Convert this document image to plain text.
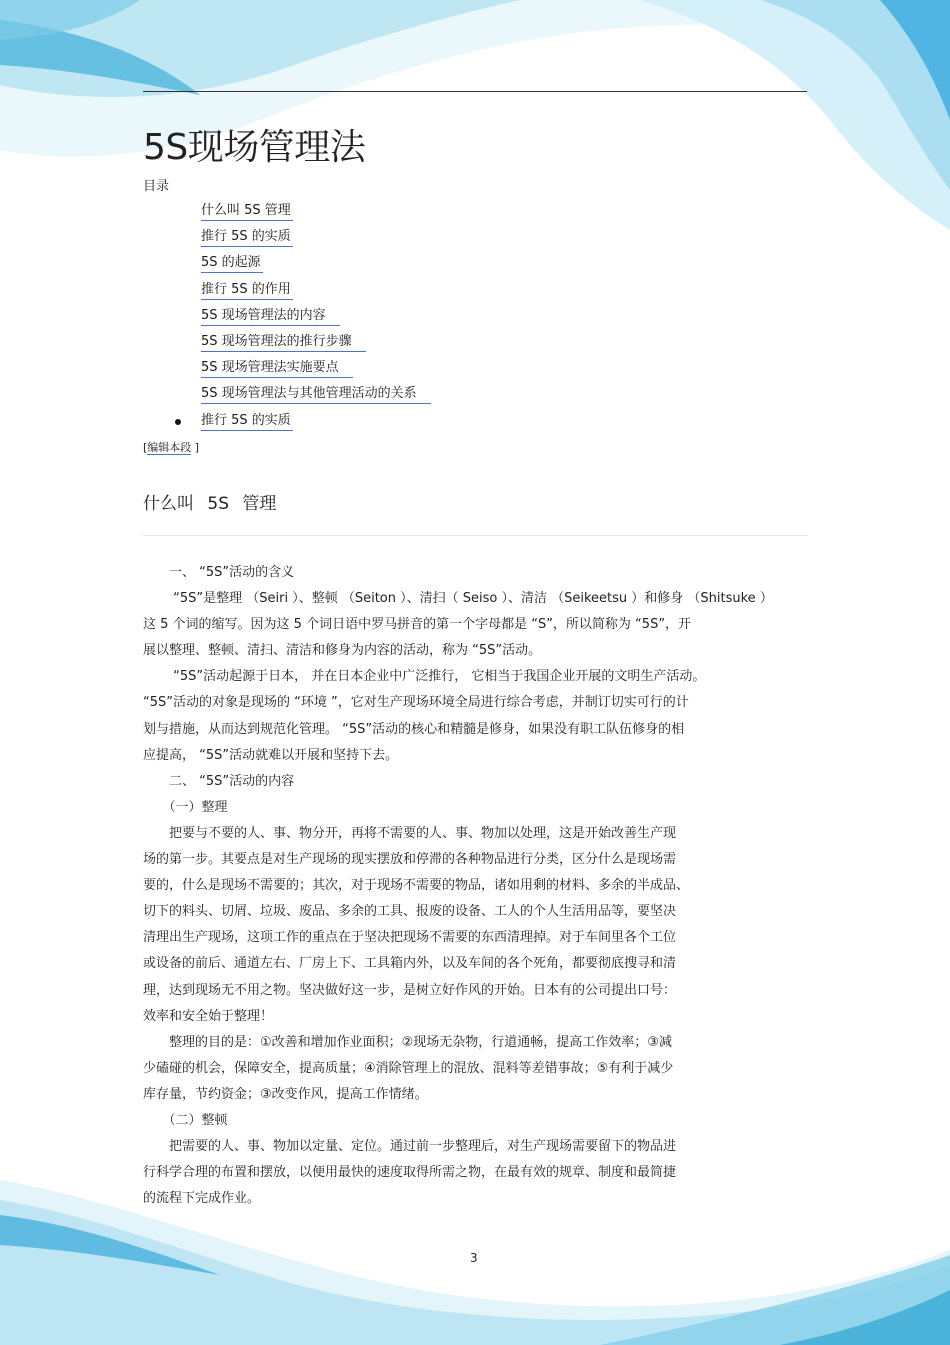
5S现场管理法
目录
什么叫 5S 管理
推行 5S 的实质
5S 的起源
推行 5S 的作用
5S 现场管理法的内容
5S 现场管理法的推行步骤
5S 现场管理法实施要点
5S 现场管理法与其他管理活动的关系
推行 5S 的实质
[编辑本段 ]
什么叫 5S 管理

　　一、 “5S”活动的含义

　　 “5S”是整理 （Seiri ）、整顿 （Seiton ）、清扫（ Seiso ）、清洁 （Seikeetsu ）和修身 （Shitsuke ）

这 5 个词的缩写。因为这 5 个词日语中罗马拼音的第一个字母都是 “S”，所以简称为 “5S”，开

展以整理、整顿、清扫、清洁和修身为内容的活动，称为 “5S”活动。

　　 “5S”活动起源于日本， 并在日本企业中广泛推行， 它相当于我国企业开展的文明生产活动。

“5S”活动的对象是现场的 “环境 ”，它对生产现场环境全局进行综合考虑，并制订切实可行的计

划与措施，从而达到规范化管理。 “5S”活动的核心和精髓是修身，如果没有职工队伍修身的相

应提高， “5S”活动就难以开展和坚持下去。

　　二、 “5S”活动的内容

　　（一）整理

　　把要与不要的人、事、物分开，再将不需要的人、事、物加以处理，这是开始改善生产现

场的第一步。其要点是对生产现场的现实摆放和停滞的各种物品进行分类，区分什么是现场需

要的，什么是现场不需要的；其次，对于现场不需要的物品，诸如用剩的材料、多余的半成品、

切下的料头、切屑、垃圾、废品、多余的工具、报废的设备、工人的个人生活用品等，要坚决

清理出生产现场，这项工作的重点在于坚决把现场不需要的东西清理掉。对于车间里各个工位

或设备的前后、通道左右、厂房上下、工具箱内外，以及车间的各个死角，都要彻底搜寻和清

理，达到现场无不用之物。坚决做好这一步，是树立好作风的开始。日本有的公司提出口号：

效率和安全始于整理！

　　整理的目的是：①改善和增加作业面积；②现场无杂物，行道通畅，提高工作效率；③减

少磕碰的机会，保障安全，提高质量；④消除管理上的混放、混料等差错事故；⑤有利于减少

库存量，节约资金；③改变作风，提高工作情绪。

　　（二）整顿

　　把需要的人、事、物加以定量、定位。通过前一步整理后，对生产现场需要留下的物品进

行科学合理的布置和摆放，以便用最快的速度取得所需之物，在最有效的规章、制度和最简捷

的流程下完成作业。

3
